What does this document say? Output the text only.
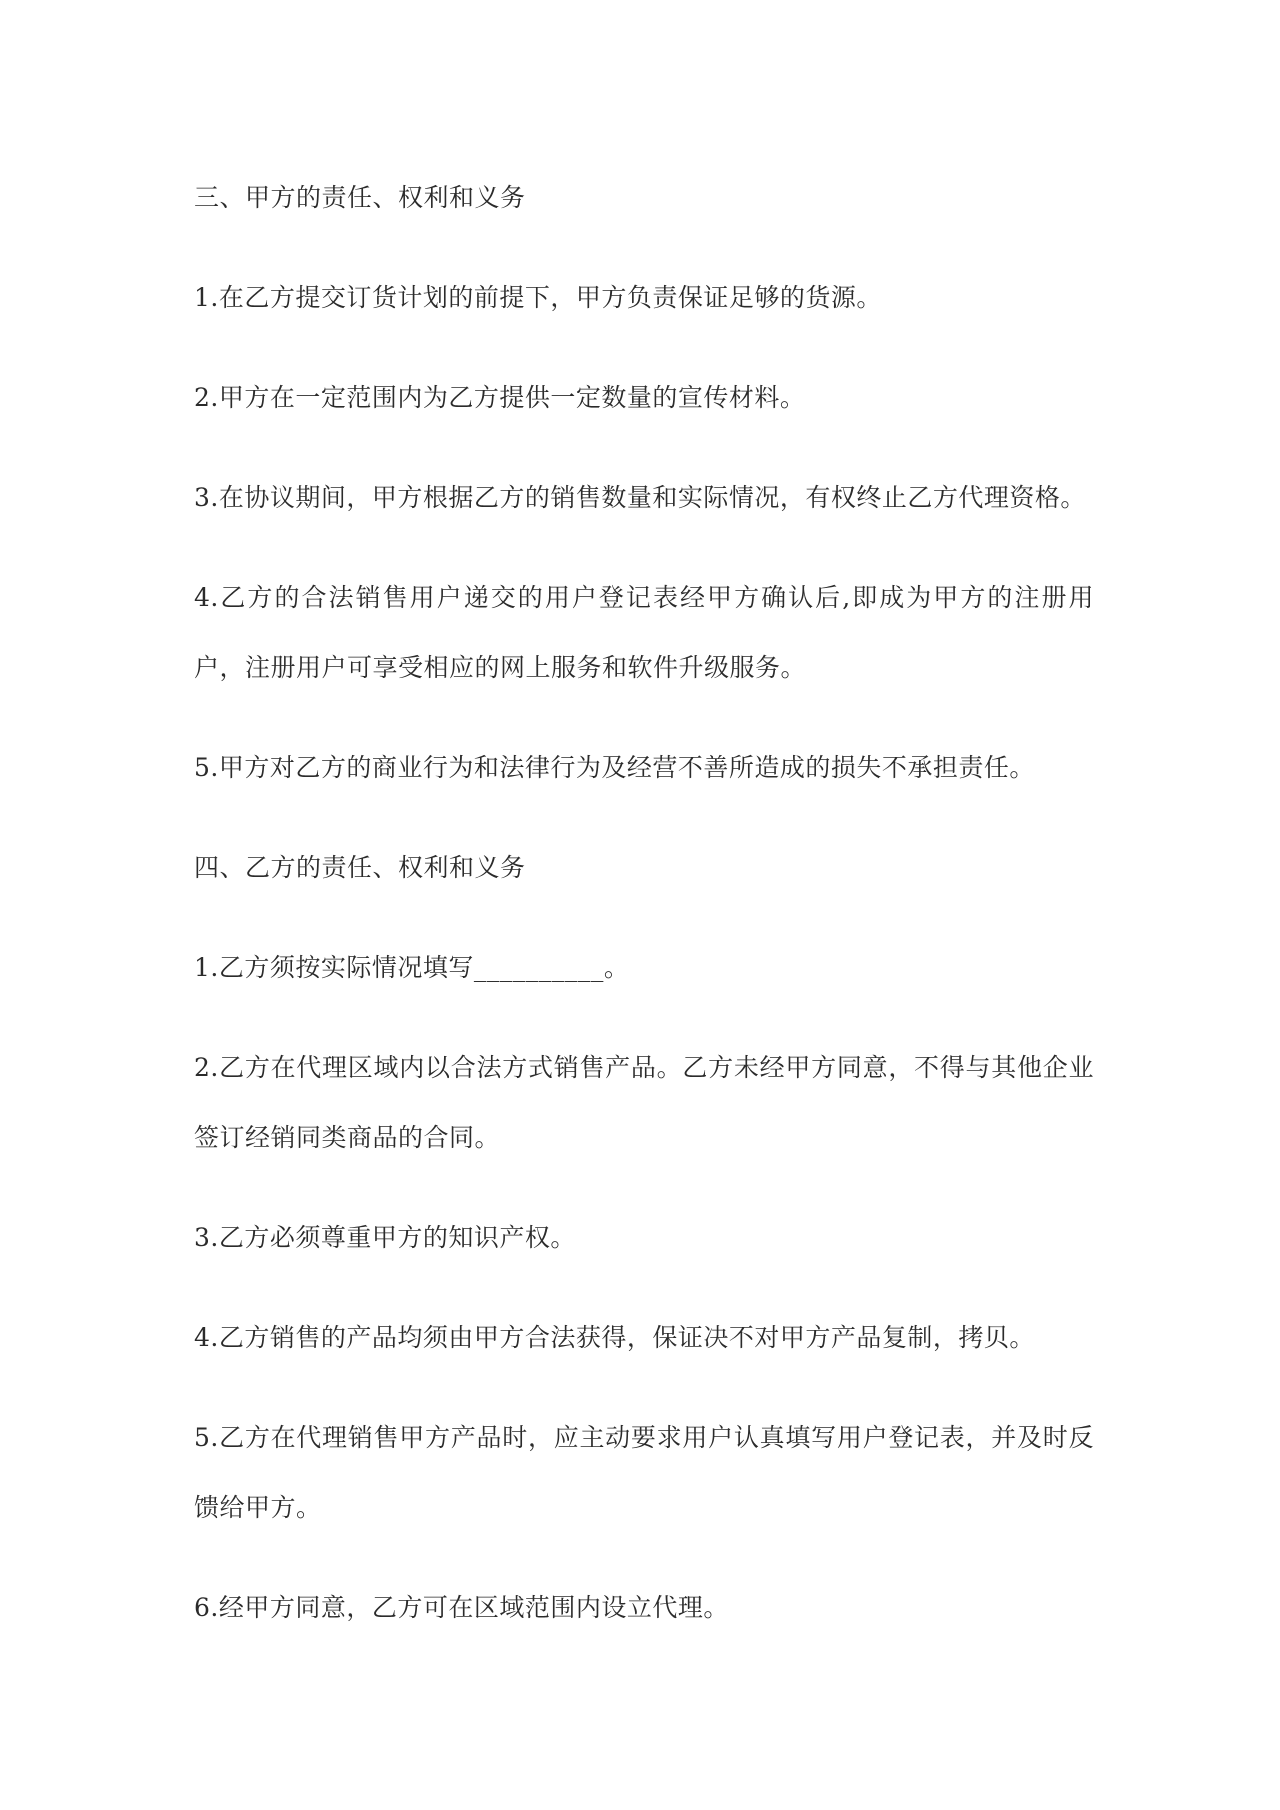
三、甲方的责任、权利和义务

1.在乙方提交订货计划的前提下，甲方负责保证足够的货源。

2.甲方在一定范围内为乙方提供一定数量的宣传材料。

3.在协议期间，甲方根据乙方的销售数量和实际情况，有权终止乙方代理资格。

4.乙方的合法销售用户递交的用户登记表经甲方确认后,即成为甲方的注册用户，注册用户可享受相应的网上服务和软件升级服务。

5.甲方对乙方的商业行为和法律行为及经营不善所造成的损失不承担责任。

四、乙方的责任、权利和义务

1.乙方须按实际情况填写__________。

2.乙方在代理区域内以合法方式销售产品。乙方未经甲方同意，不得与其他企业签订经销同类商品的合同。

3.乙方必须尊重甲方的知识产权。

4.乙方销售的产品均须由甲方合法获得，保证决不对甲方产品复制，拷贝。

5.乙方在代理销售甲方产品时，应主动要求用户认真填写用户登记表，并及时反馈给甲方。

6.经甲方同意，乙方可在区域范围内设立代理。
